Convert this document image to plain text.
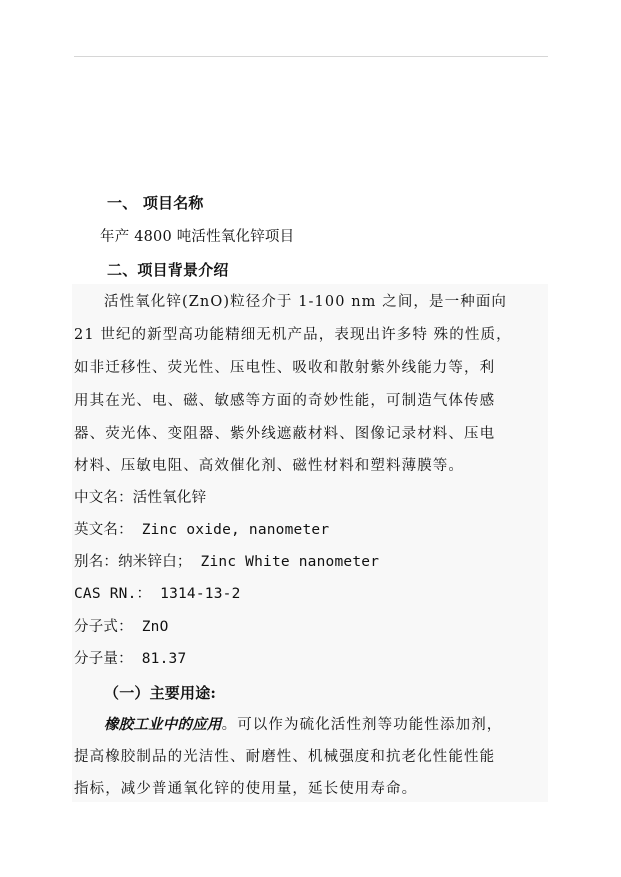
一、 项目名称
年产 4800 吨活性氧化锌项目
二、项目背景介绍
活性氧化锌(ZnO)粒径介于 1-100 nm 之间，是一种面向
21 世纪的新型高功能精细无机产品，表现出许多特 殊的性质，
如非迁移性、荧光性、压电性、吸收和散射紫外线能力等，利
用其在光、电、磁、敏感等方面的奇妙性能，可制造气体传感
器、荧光体、变阻器、紫外线遮蔽材料、图像记录材料、压电
材料、压敏电阻、高效催化剂、磁性材料和塑料薄膜等。
中文名：活性氧化锌
英文名： Zinc oxide, nanometer
别名：纳米锌白； Zinc White nanometer
CAS RN.： 1314-13-2
分子式： ZnO
分子量： 81.37
（一）主要用途:
橡胶工业中的应用。可以作为硫化活性剂等功能性添加剂，
提高橡胶制品的光洁性、耐磨性、机械强度和抗老化性能性能
指标，减少普通氧化锌的使用量，延长使用寿命。
